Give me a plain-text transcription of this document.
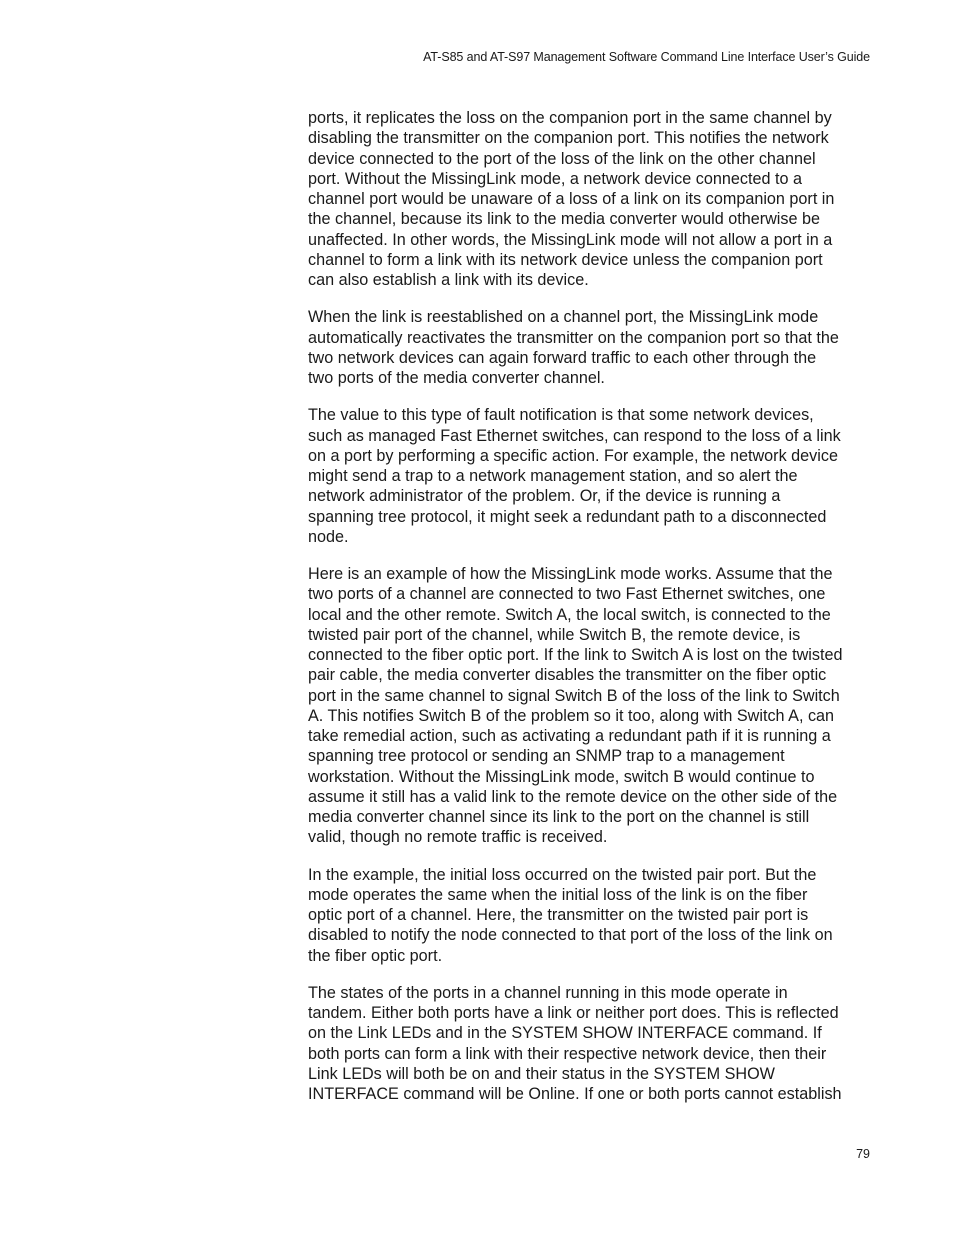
AT-S85 and AT-S97 Management Software Command Line Interface User’s Guide

ports, it replicates the loss on the companion port in the same channel by
disabling the transmitter on the companion port. This notifies the network
device connected to the port of the loss of the link on the other channel
port. Without the MissingLink mode, a network device connected to a
channel port would be unaware of a loss of a link on its companion port in
the channel, because its link to the media converter would otherwise be
unaffected. In other words, the MissingLink mode will not allow a port in a
channel to form a link with its network device unless the companion port
can also establish a link with its device.

When the link is reestablished on a channel port, the MissingLink mode
automatically reactivates the transmitter on the companion port so that the
two network devices can again forward traffic to each other through the
two ports of the media converter channel.

The value to this type of fault notification is that some network devices,
such as managed Fast Ethernet switches, can respond to the loss of a link
on a port by performing a specific action. For example, the network device
might send a trap to a network management station, and so alert the
network administrator of the problem. Or, if the device is running a
spanning tree protocol, it might seek a redundant path to a disconnected
node.

Here is an example of how the MissingLink mode works. Assume that the
two ports of a channel are connected to two Fast Ethernet switches, one
local and the other remote. Switch A, the local switch, is connected to the
twisted pair port of the channel, while Switch B, the remote device, is
connected to the fiber optic port. If the link to Switch A is lost on the twisted
pair cable, the media converter disables the transmitter on the fiber optic
port in the same channel to signal Switch B of the loss of the link to Switch
A. This notifies Switch B of the problem so it too, along with Switch A, can
take remedial action, such as activating a redundant path if it is running a
spanning tree protocol or sending an SNMP trap to a management
workstation. Without the MissingLink mode, switch B would continue to
assume it still has a valid link to the remote device on the other side of the
media converter channel since its link to the port on the channel is still
valid, though no remote traffic is received.

In the example, the initial loss occurred on the twisted pair port. But the
mode operates the same when the initial loss of the link is on the fiber
optic port of a channel. Here, the transmitter on the twisted pair port is
disabled to notify the node connected to that port of the loss of the link on
the fiber optic port.

The states of the ports in a channel running in this mode operate in
tandem. Either both ports have a link or neither port does. This is reflected
on the Link LEDs and in the SYSTEM SHOW INTERFACE command. If
both ports can form a link with their respective network device, then their
Link LEDs will both be on and their status in the SYSTEM SHOW
INTERFACE command will be Online. If one or both ports cannot establish

79
